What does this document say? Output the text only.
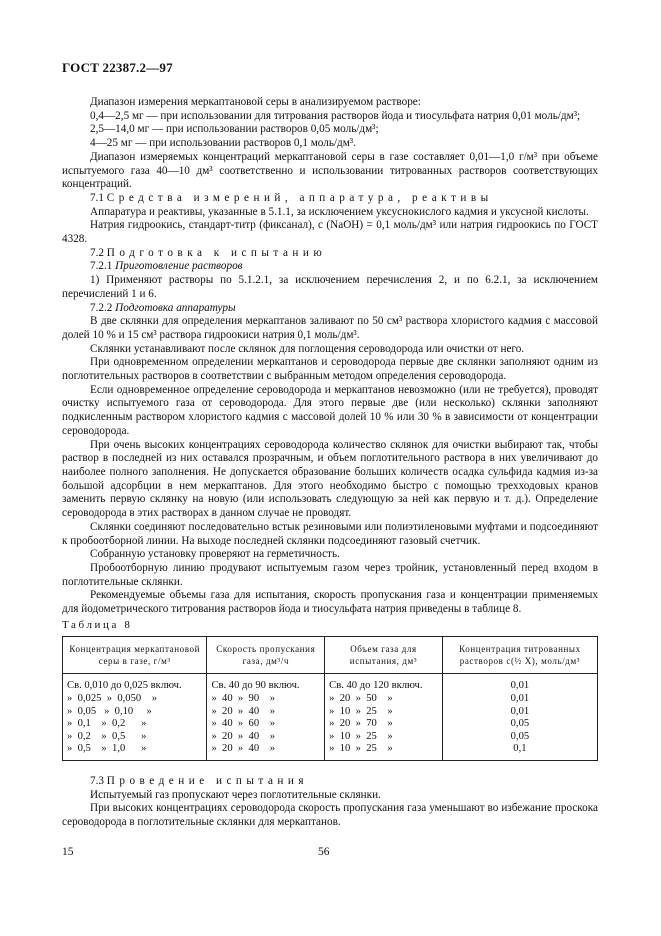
ГОСТ 22387.2—97

Диапазон измерения меркаптановой серы в анализируемом растворе:

0,4—2,5 мг — при использовании для титрования растворов йода и тиосульфата натрия 0,01 моль/дм³;

2,5—14,0 мг — при использовании растворов 0,05 моль/дм³;

4—25 мг — при использовании растворов 0,1 моль/дм³.

Диапазон измеряемых концентраций меркаптановой серы в газе составляет 0,01—1,0 г/м³ при объеме испытуемого газа 40—10 дм³ соответственно и использовании титрованных растворов соответствующих концентраций.

7.1 Средства измерений, аппаратура, реактивы

Аппаратура и реактивы, указанные в 5.1.1, за исключением уксуснокислого кадмия и уксусной кислоты.

Натрия гидроокись, стандарт-титр (фиксанал), c (NaOH) = 0,1 моль/дм³ или натрия гидроокись по ГОСТ 4328.

7.2 Подготовка к испытанию

7.2.1 Приготовление растворов

1) Применяют растворы по 5.1.2.1, за исключением перечисления 2, и по 6.2.1, за исключением перечислений 1 и 6.

7.2.2 Подготовка аппаратуры

В две склянки для определения меркаптанов заливают по 50 см³ раствора хлористого кадмия с массовой долей 10 % и 15 см³ раствора гидроокиси натрия 0,1 моль/дм³.

Склянки устанавливают после склянок для поглощения сероводорода или очистки от него.

При одновременном определении меркаптанов и сероводорода первые две склянки заполняют одним из поглотительных растворов в соответствии с выбранным методом определения сероводорода.

Если одновременное определение сероводорода и меркаптанов невозможно (или не требуется), проводят очистку испытуемого газа от сероводорода. Для этого первые две (или несколько) склянки заполняют подкисленным раствором хлористого кадмия с массовой долей 10 % или 30 % в зависимости от концентрации сероводорода.

При очень высоких концентрациях сероводорода количество склянок для очистки выбирают так, чтобы раствор в последней из них оставался прозрачным, и объем поглотительного раствора в них увеличивают до наиболее полного заполнения. Не допускается образование больших количеств осадка сульфида кадмия из-за большой адсорбции в нем меркаптанов. Для этого необходимо быстро с помощью трехходовых кранов заменить первую склянку на новую (или использовать следующую за ней как первую и т. д.). Определение сероводорода в этих растворах в данном случае не проводят.

Склянки соединяют последовательно встык резиновыми или полиэтиленовыми муфтами и подсоединяют к пробоотборной линии. На выходе последней склянки подсоединяют газовый счетчик.

Собранную установку проверяют на герметичность.

Пробоотборную линию продувают испытуемым газом через тройник, установленный перед входом в поглотительные склянки.

Рекомендуемые объемы газа для испытания, скорость пропускания газа и концентрации применяемых для йодометрического титрования растворов йода и тиосульфата натрия приведены в таблице 8.

Таблица 8

Концентрация меркаптановой серы в газе, г/м³	Скорость пропускания газа, дм³/ч	Объем газа для испытания, дм³	Концентрация титрованных растворов c(½ X), моль/дм³
Св. 0,010 до 0,025 включ.	Св. 40 до 90 включ.	Св. 40 до 120 включ.	0,01
»  0,025  »  0,050    »	»  40  »  90    »	»  20  »  50    »	0,01
»  0,05   »  0,10     »	»  20  »  40    »	»  10  »  25    »	0,01
»  0,1    »  0,2      »	»  40  »  60    »	»  20  »  70    »	0,05
»  0,2    »  0,5      »	»  20  »  40    »	»  10  »  25    »	0,05
»  0,5    »  1,0      »	»  20  »  40    »	»  10  »  25    »	0,1

7.3 Проведение испытания

Испытуемый газ пропускают через поглотительные склянки.

При высоких концентрациях сероводорода скорость пропускания газа уменьшают во избежание проскока сероводорода в поглотительные склянки для меркаптанов.

15	56
